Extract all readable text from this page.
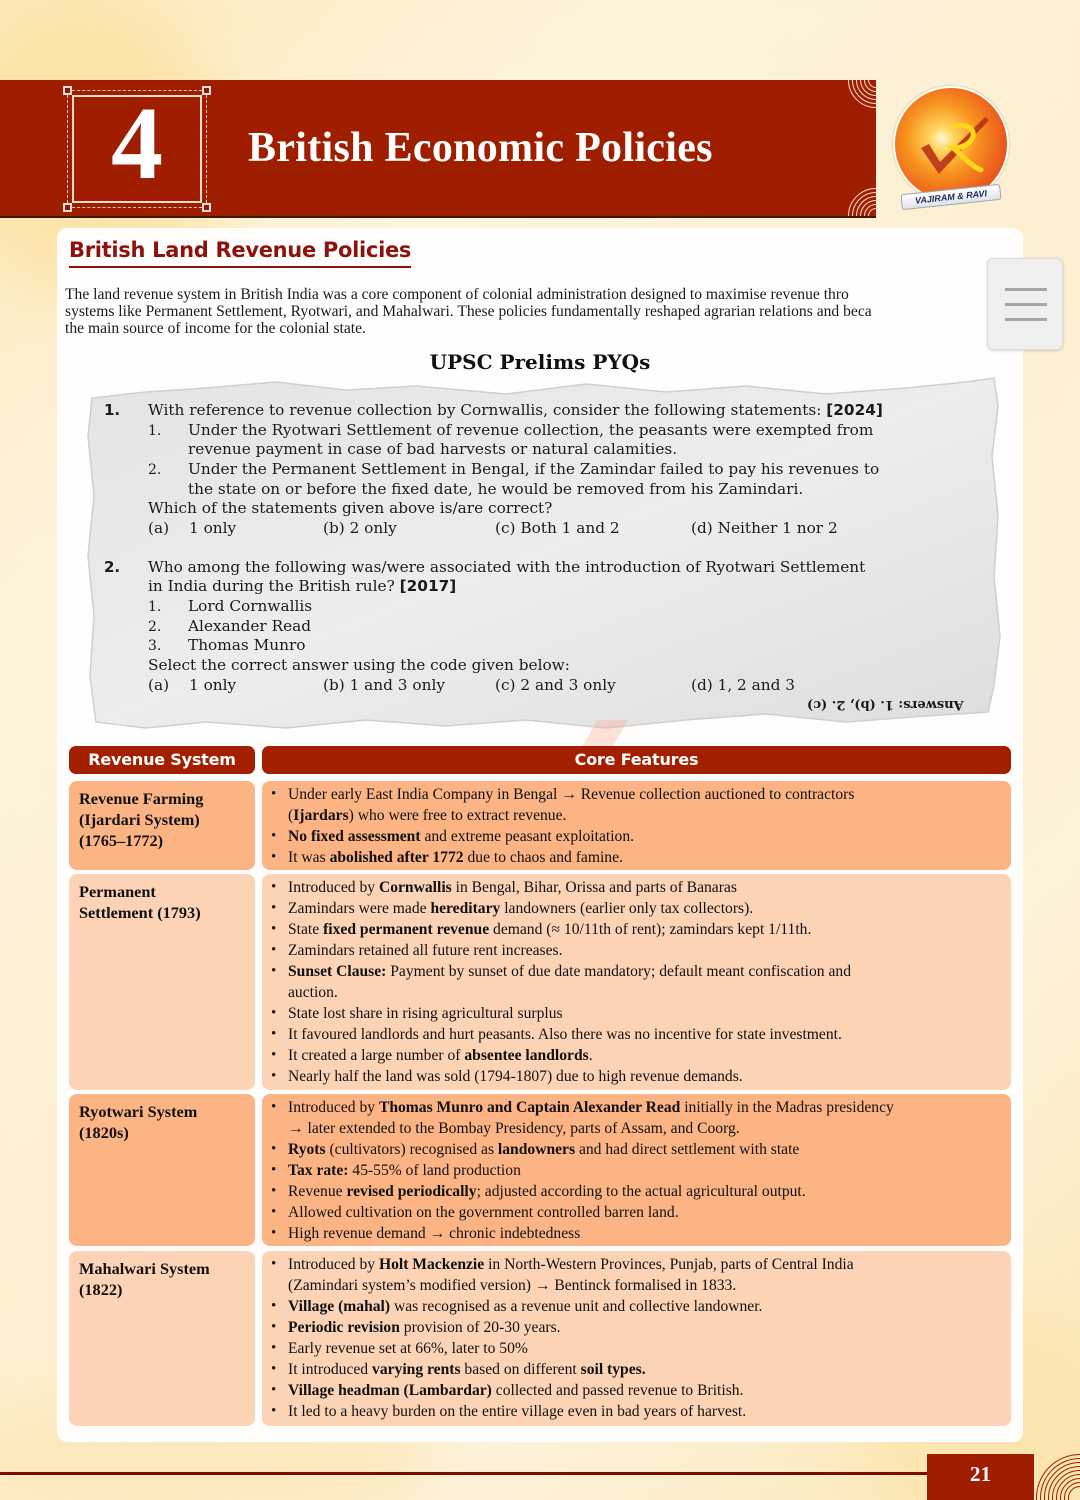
4	British Economic Policies
VAJIRAM & RAVI
British Land Revenue Policies
The land revenue system in British India was a core component of colonial administration designed to maximise revenue thro
systems like Permanent Settlement, Ryotwari, and Mahalwari. These policies fundamentally reshaped agrarian relations and beca
the main source of income for the colonial state.
UPSC Prelims PYQs
1. With reference to revenue collection by Cornwallis, consider the following statements: [2024]
1. Under the Ryotwari Settlement of revenue collection, the peasants were exempted from
revenue payment in case of bad harvests or natural calamities.
2. Under the Permanent Settlement in Bengal, if the Zamindar failed to pay his revenues to
the state on or before the fixed date, he would be removed from his Zamindari.
Which of the statements given above is/are correct?
(a) 1 only	(b) 2 only	(c) Both 1 and 2	(d) Neither 1 nor 2
2. Who among the following was/were associated with the introduction of Ryotwari Settlement
in India during the British rule? [2017]
1. Lord Cornwallis
2. Alexander Read
3. Thomas Munro
Select the correct answer using the code given below:
(a) 1 only	(b) 1 and 3 only	(c) 2 and 3 only	(d) 1, 2 and 3
Answers: 1. (b), 2. (c)
Revenue System	Core Features
Revenue Farming
(Ijardari System)
(1765–1772)
• Under early East India Company in Bengal → Revenue collection auctioned to contractors
(Ijardars) who were free to extract revenue.
• No fixed assessment and extreme peasant exploitation.
• It was abolished after 1772 due to chaos and famine.
Permanent
Settlement (1793)
• Introduced by Cornwallis in Bengal, Bihar, Orissa and parts of Banaras
• Zamindars were made hereditary landowners (earlier only tax collectors).
• State fixed permanent revenue demand (≈ 10/11th of rent); zamindars kept 1/11th.
• Zamindars retained all future rent increases.
• Sunset Clause: Payment by sunset of due date mandatory; default meant confiscation and
auction.
• State lost share in rising agricultural surplus
• It favoured landlords and hurt peasants. Also there was no incentive for state investment.
• It created a large number of absentee landlords.
• Nearly half the land was sold (1794-1807) due to high revenue demands.
Ryotwari System
(1820s)
• Introduced by Thomas Munro and Captain Alexander Read initially in the Madras presidency
→ later extended to the Bombay Presidency, parts of Assam, and Coorg.
• Ryots (cultivators) recognised as landowners and had direct settlement with state
• Tax rate: 45-55% of land production
• Revenue revised periodically; adjusted according to the actual agricultural output.
• Allowed cultivation on the government controlled barren land.
• High revenue demand → chronic indebtedness
Mahalwari System
(1822)
• Introduced by Holt Mackenzie in North-Western Provinces, Punjab, parts of Central India
(Zamindari system’s modified version) → Bentinck formalised in 1833.
• Village (mahal) was recognised as a revenue unit and collective landowner.
• Periodic revision provision of 20-30 years.
• Early revenue set at 66%, later to 50%
• It introduced varying rents based on different soil types.
• Village headman (Lambardar) collected and passed revenue to British.
• It led to a heavy burden on the entire village even in bad years of harvest.
21
